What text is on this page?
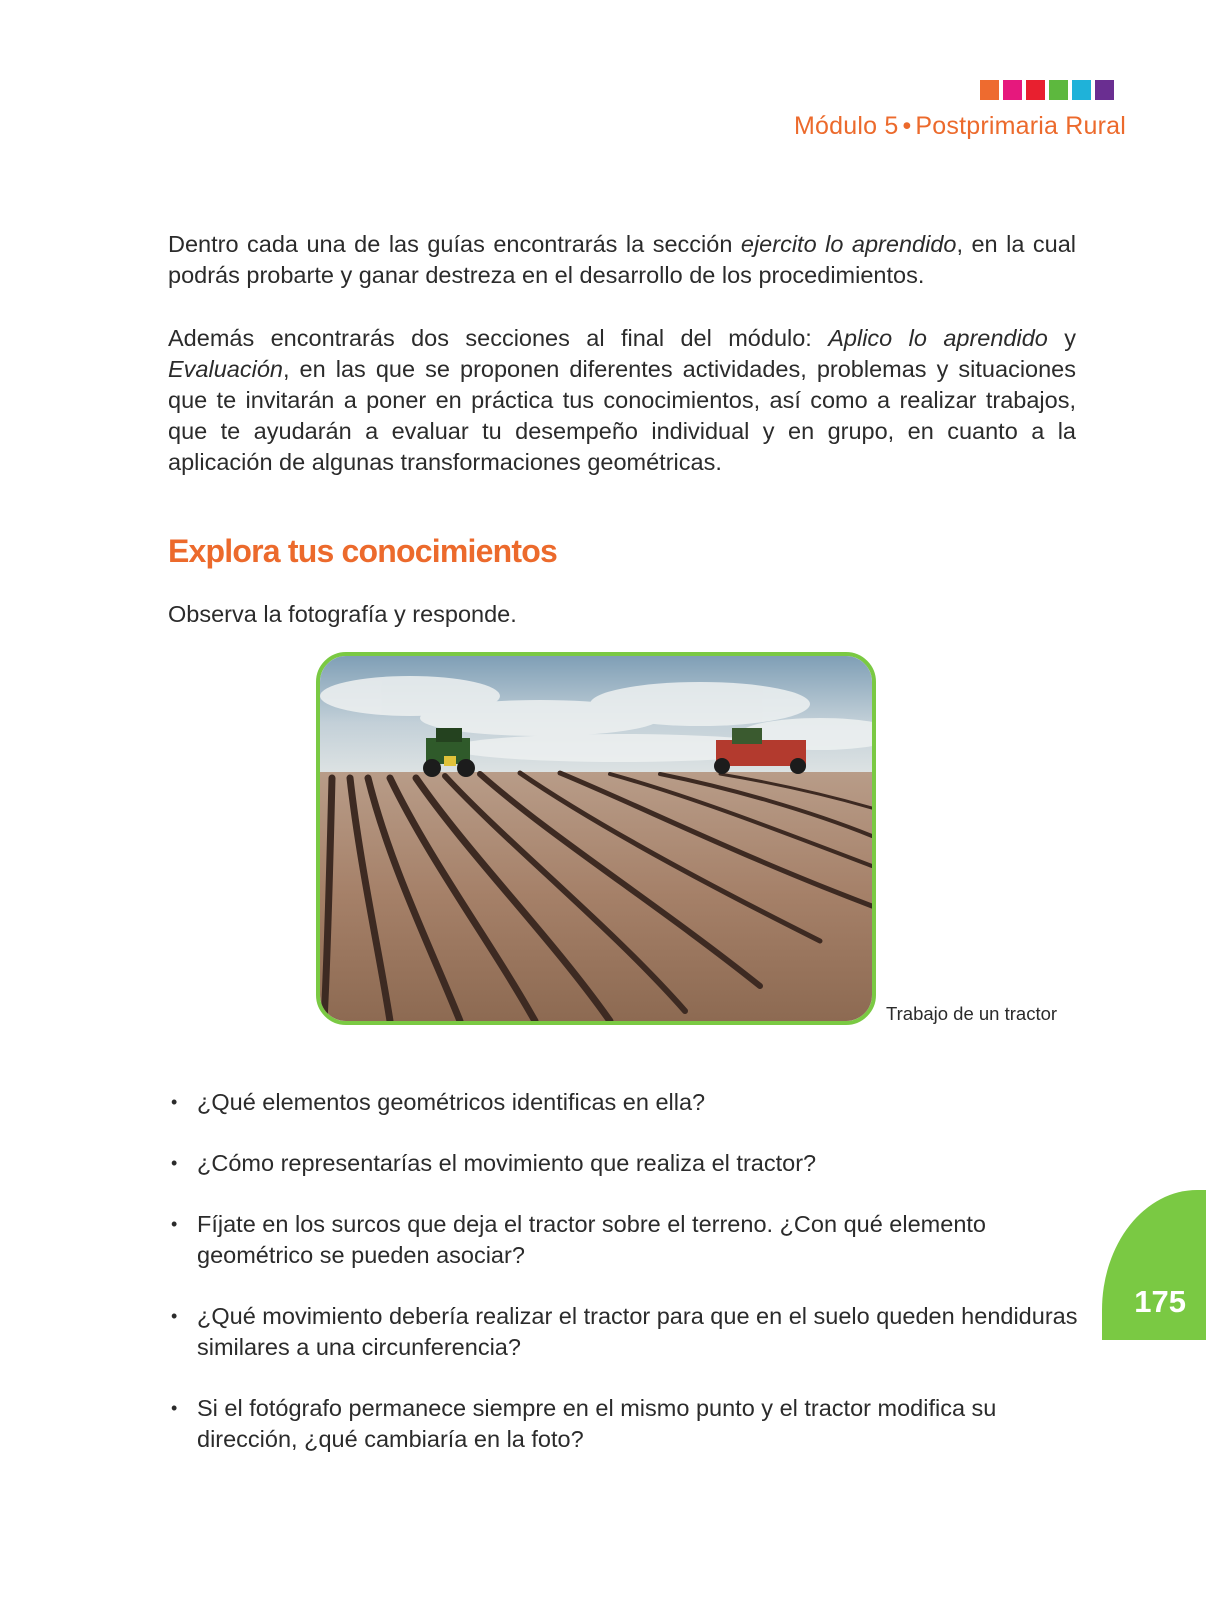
Módulo 5 • Postprimaria Rural

Dentro cada una de las guías encontrarás la sección ejercito lo aprendido, en la cual podrás probarte y ganar destreza en el desarrollo de los procedimientos.

Además encontrarás dos secciones al final del módulo: Aplico lo aprendido y Evaluación, en las que se proponen diferentes actividades, problemas y situaciones que te invitarán a poner en práctica tus conocimientos, así como a realizar trabajos, que te ayudarán a evaluar tu desempeño individual y en grupo, en cuanto a la aplicación de algunas transformaciones geométricas.

Explora tus conocimientos

Observa la fotografía y responde.

Trabajo de un tractor
• ¿Qué elementos geométricos identificas en ella?
• ¿Cómo representarías el movimiento que realiza el tractor?
• Fíjate en los surcos que deja el tractor sobre el terreno. ¿Con qué elemento geométrico se pueden asociar?
• ¿Qué movimiento debería realizar el tractor para que en el suelo queden hendiduras similares a una circunferencia?
• Si el fotógrafo permanece siempre en el mismo punto y el tractor modifica su dirección, ¿qué cambiaría en la foto?
175
